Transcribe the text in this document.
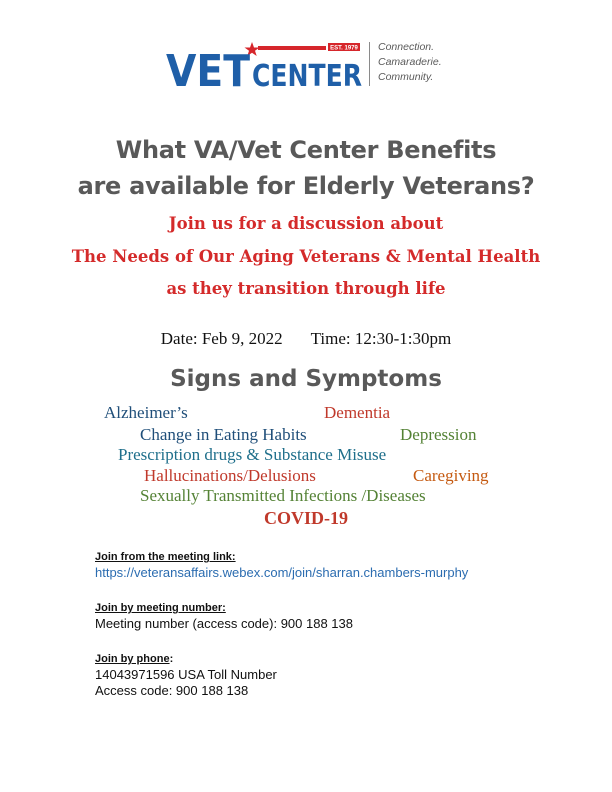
EST. 1979
VET CENTER
Connection.
Camaraderie.
Community.
What VA/Vet Center Benefits
are available for Elderly Veterans?
Join us for a discussion about
The Needs of Our Aging Veterans & Mental Health
as they transition through life
Date: Feb 9, 2022 Time: 12:30-1:30pm
Signs and Symptoms
Alzheimer’s	Dementia
Change in Eating Habits	Depression
Prescription drugs & Substance Misuse
Hallucinations/Delusions	Caregiving
Sexually Transmitted Infections /Diseases
COVID-19
Join from the meeting link:
https://veteransaffairs.webex.com/join/sharran.chambers-murphy
Join by meeting number:
Meeting number (access code): 900 188 138
Join by phone:
14043971596 USA Toll Number
Access code: 900 188 138
